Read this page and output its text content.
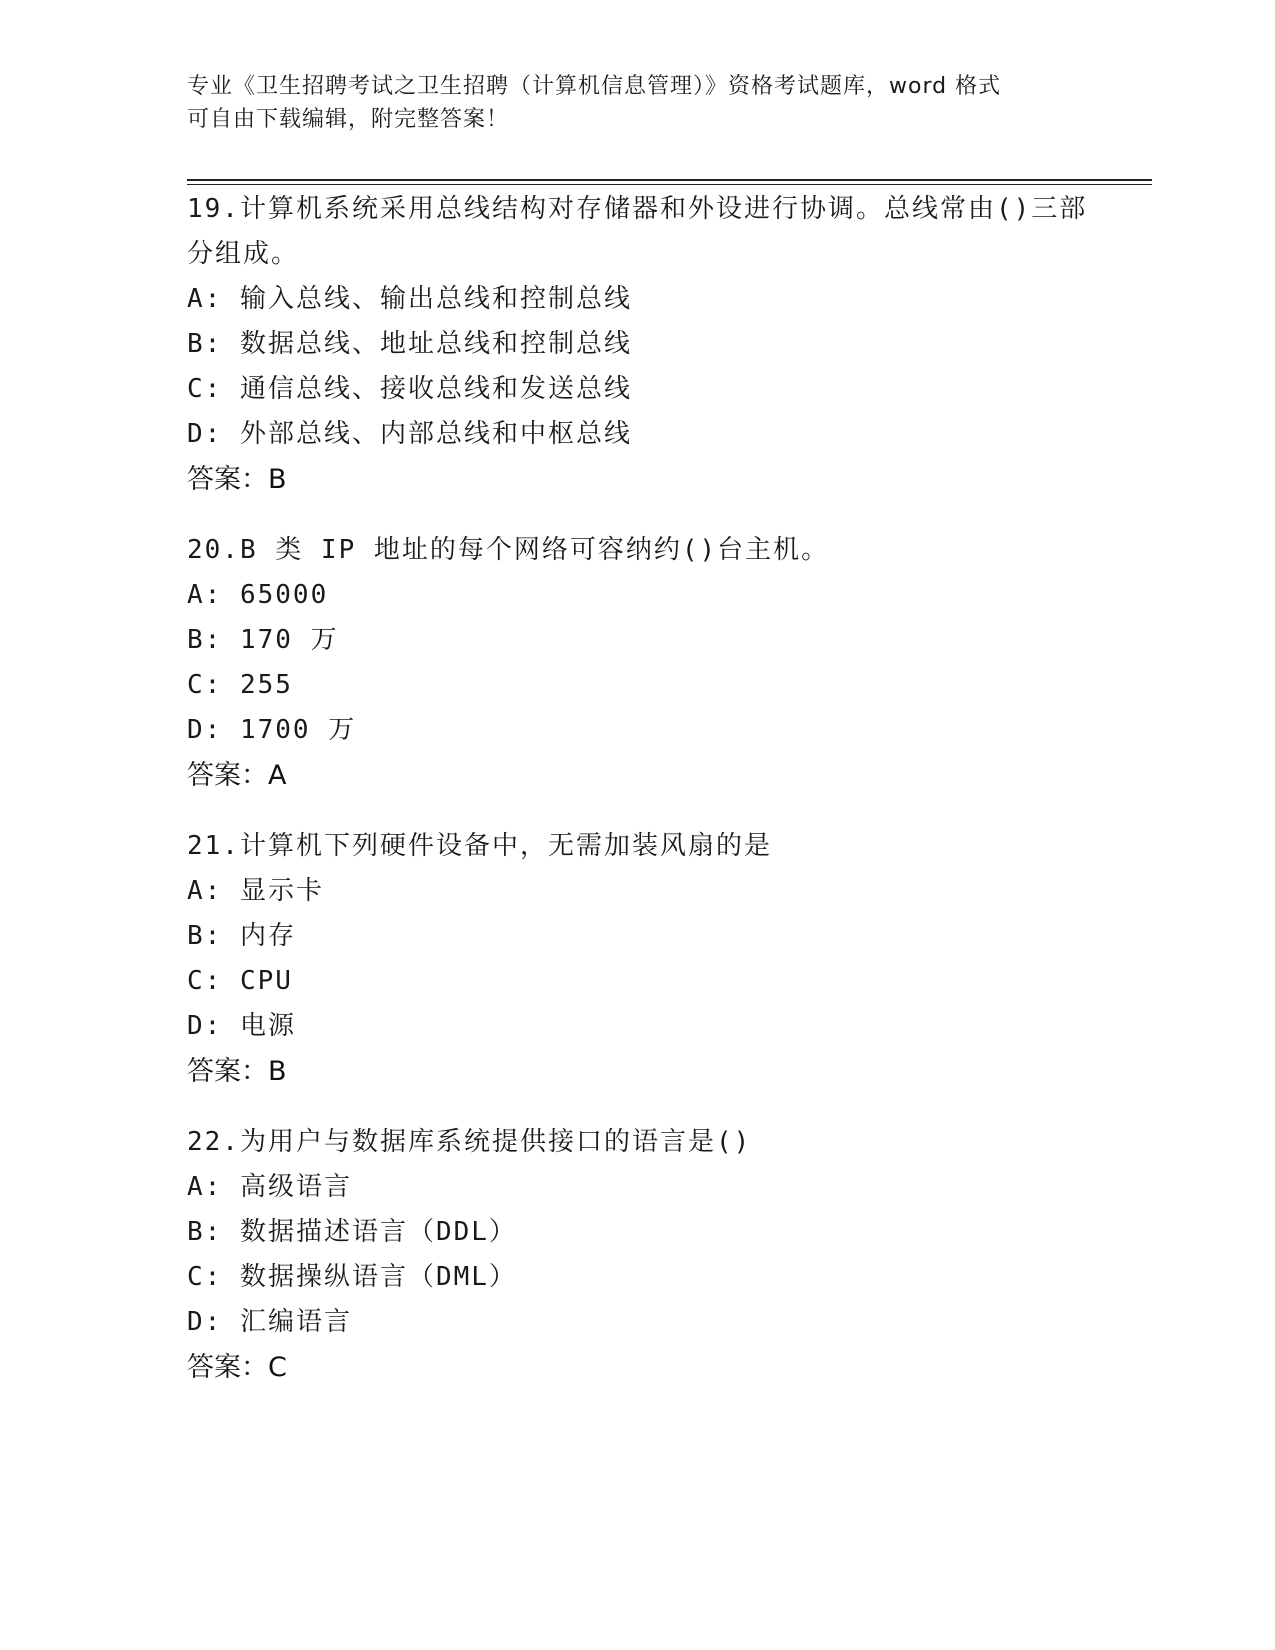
专业《卫生招聘考试之卫生招聘（计算机信息管理）》资格考试题库，word 格式
可自由下载编辑，附完整答案！

19.计算机系统采用总线结构对存储器和外设进行协调。总线常由()三部分组成。

A: 输入总线、输出总线和控制总线

B: 数据总线、地址总线和控制总线

C: 通信总线、接收总线和发送总线

D: 外部总线、内部总线和中枢总线

答案：B

20.B 类 IP 地址的每个网络可容纳约()台主机。

A: 65000

B: 170 万

C: 255

D: 1700 万

答案：A

21.计算机下列硬件设备中，无需加装风扇的是

A: 显示卡

B: 内存

C: CPU

D: 电源

答案：B

22.为用户与数据库系统提供接口的语言是()

A: 高级语言

B: 数据描述语言（DDL）

C: 数据操纵语言（DML）

D: 汇编语言

答案：C
